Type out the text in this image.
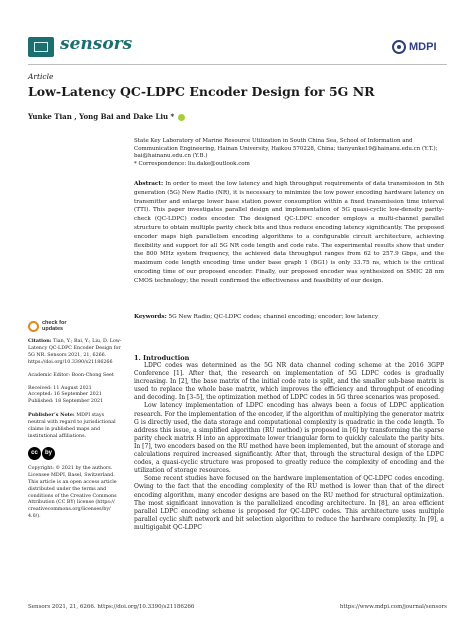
sensors	MDPI
Article
Low-Latency QC-LDPC Encoder Design for 5G NR
Yunke Tian , Yong Bai and Dake Liu *
State Key Laboratory of Marine Resource Utilization in South China Sea, School of Information and
Communication Engineering, Hainan University, Haikou 570228, China; tianyunke19@hainanu.edu.cn (Y.T.);
bai@hainanu.edu.cn (Y.B.)
* Correspondence: liu.dake@outlook.com
Abstract: In order to meet the low latency and high throughput requirements of data transmission in 5th generation (5G) New Radio (NR), it is necessary to minimize the low power encoding hardware latency on transmitter and enlarge lower base station power consumption within a fixed transmission time interval (TTI). This paper investigates parallel design and implementation of 5G quasi-cyclic low-density parity-check (QC-LDPC) codes encoder. The designed QC-LDPC encoder employs a multi-channel parallel structure to obtain multiple parity check bits and thus reduce encoding latency significantly. The proposed encoder maps high parallelism encoding algorithms to a configurable circuit architecture, achieving flexibility and support for all 5G NR code length and code rate. The experimental results show that under the 800 MHz system frequency, the achieved data throughput ranges from 62 to 257.9 Gbps, and the maximum code length encoding time under base graph 1 (BG1) is only 33.75 ns, which is the critical encoding time of our proposed encoder. Finally, our proposed encoder was synthesized on SMIC 28 nm CMOS technology; the result confirmed the effectiveness and feasibility of our design.
Keywords: 5G New Radio; QC-LDPC codes; channel encoding; encoder; low latency
check for
updates
Citation: Tian, Y.; Bai, Y.; Liu, D. Low-Latency QC-LDPC Encoder Design for 5G NR. Sensors 2021, 21, 6266. https://doi.org/10.3390/s21186266
Academic Editor: Boon-Chong Seet
Received: 11 August 2021
Accepted: 16 September 2021
Published: 18 September 2021
Publisher’s Note: MDPI stays neutral with regard to jurisdictional claims in published maps and institutional affiliations.
cc	by
Copyright: © 2021 by the authors. Licensee MDPI, Basel, Switzerland. This article is an open access article distributed under the terms and conditions of the Creative Commons Attribution (CC BY) license (https:// creativecommons.org/licenses/by/ 4.0/).
1. Introduction

LDPC codes was determined as the 5G NR data channel coding scheme at the 2016 3GPP Conference [1]. After that, the research on implementation of 5G LDPC codes is gradually increasing. In [2], the base matrix of the initial code rate is split, and the smaller sub-base matrix is used to replace the whole base matrix, which improves the efficiency and throughput of encoding and decoding. In [3–5], the optimization method of LDPC codes in 5G three scenarios was proposed.

Low latency implementation of LDPC encoding has always been a focus of LDPC application research. For the implementation of the encoder, if the algorithm of multiplying the generator matrix G is directly used, the data storage and computational complexity is quadratic in the code length. To address this issue, a simplified algorithm (RU method) is proposed in [6] by transforming the sparse parity check matrix H into an approximate lower triangular form to quickly calculate the parity bits. In [7], two encoders based on the RU method have been implemented, but the amount of storage and calculations required increased significantly. After that, through the structural design of the LDPC codes, a quasi-cyclic structure was proposed to greatly reduce the complexity of encoding and the utilization of storage resources.

Some recent studies have focused on the hardware implementation of QC-LDPC codes encoding. Owing to the fact that the encoding complexity of the RU method is lower than that of the direct encoding algorithm, many encoder designs are based on the RU method for structural optimization. The most significant innovation is the parallelized encoding architecture. In [8], an area efficient parallel LDPC encoding scheme is proposed for QC-LDPC codes. This architecture uses multiple parallel cyclic shift network and bit selection algorithm to reduce the hardware complexity. In [9], a multigigabit QC-LDPC

Sensors 2021, 21, 6266. https://doi.org/10.3390/s21186266	https://www.mdpi.com/journal/sensors
